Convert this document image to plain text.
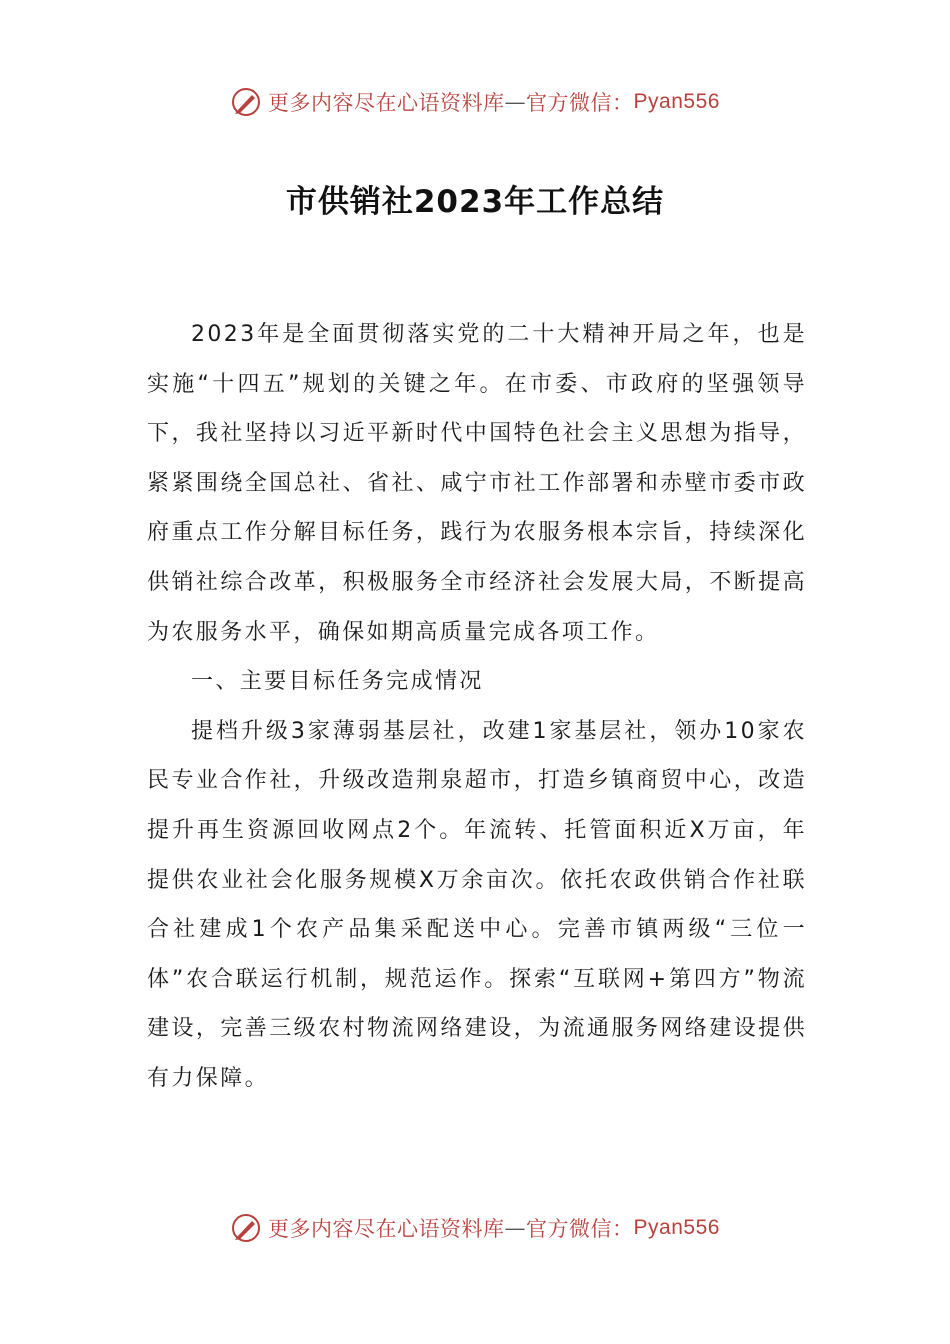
更多内容尽在心语资料库 — 官方微信： Pyan556
市供销社2023年工作总结

2023年是全面贯彻落实党的二十大精神开局之年，也是实施“十四五”规划的关键之年。在市委、市政府的坚强领导下，我社坚持以习近平新时代中国特色社会主义思想为指导，紧紧围绕全国总社、省社、咸宁市社工作部署和赤壁市委市政府重点工作分解目标任务，践行为农服务根本宗旨，持续深化供销社综合改革，积极服务全市经济社会发展大局，不断提高为农服务水平，确保如期高质量完成各项工作。

一、主要目标任务完成情况

提档升级3家薄弱基层社，改建1家基层社，领办10家农民专业合作社，升级改造荆泉超市，打造乡镇商贸中心，改造提升再生资源回收网点2个。年流转、托管面积近X万亩，年提供农业社会化服务规模X万余亩次。依托农政供销合作社联合社建成1个农产品集采配送中心。完善市镇两级“三位一体”农合联运行机制，规范运作。探索“互联网+第四方”物流建设，完善三级农村物流网络建设，为流通服务网络建设提供有力保障。

更多内容尽在心语资料库 — 官方微信： Pyan556
